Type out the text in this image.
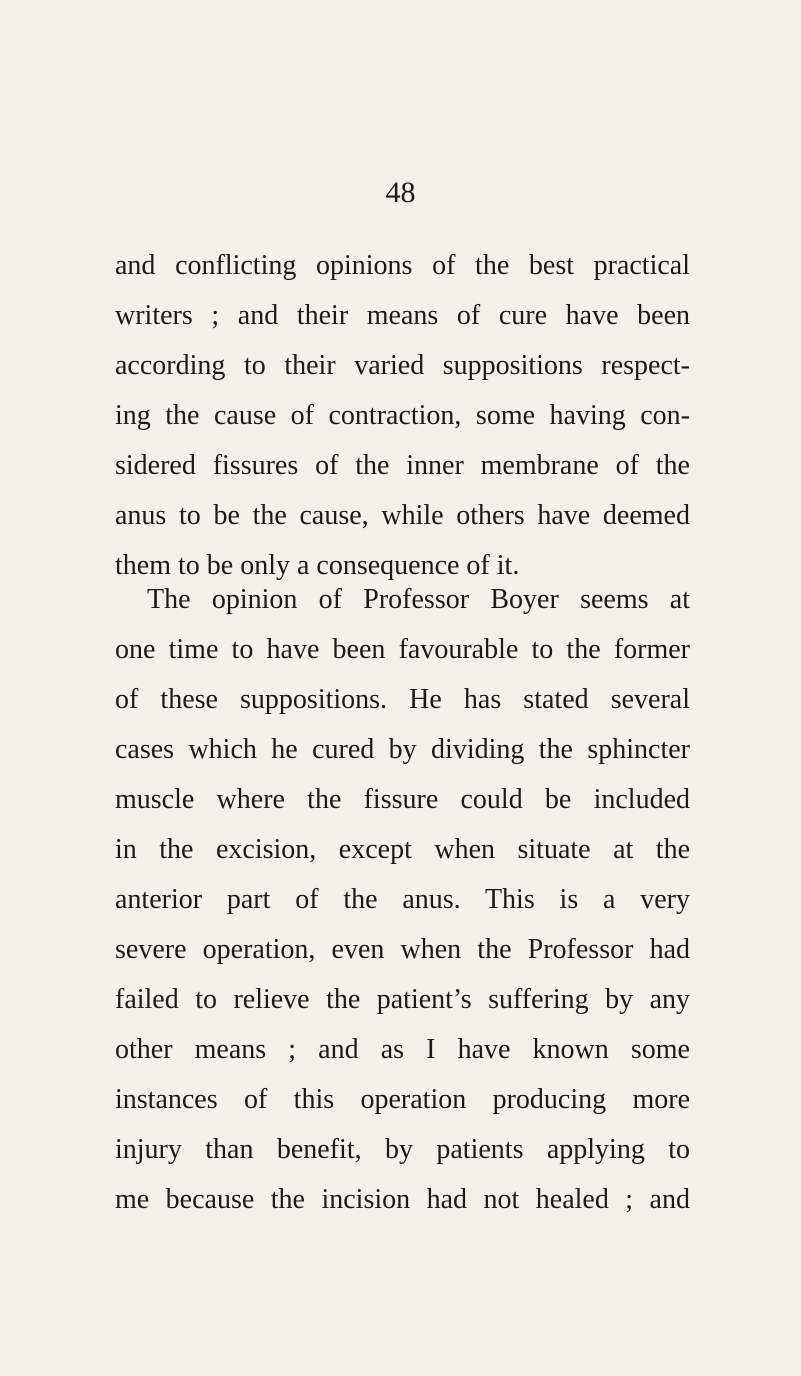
48
and conflicting opinions of the best practical
writers ; and their means of cure have been
according to their varied suppositions respect-
ing the cause of contraction, some having con-
sidered fissures of the inner membrane of the
anus to be the cause, while others have deemed
them to be only a consequence of it.
The opinion of Professor Boyer seems at
one time to have been favourable to the former
of these suppositions. He has stated several
cases which he cured by dividing the sphincter
muscle where the fissure could be included
in the excision, except when situate at the
anterior part of the anus. This is a very
severe operation, even when the Professor had
failed to relieve the patient’s suffering by any
other means ; and as I have known some
instances of this operation producing more
injury than benefit, by patients applying to
me because the incision had not healed ; and
